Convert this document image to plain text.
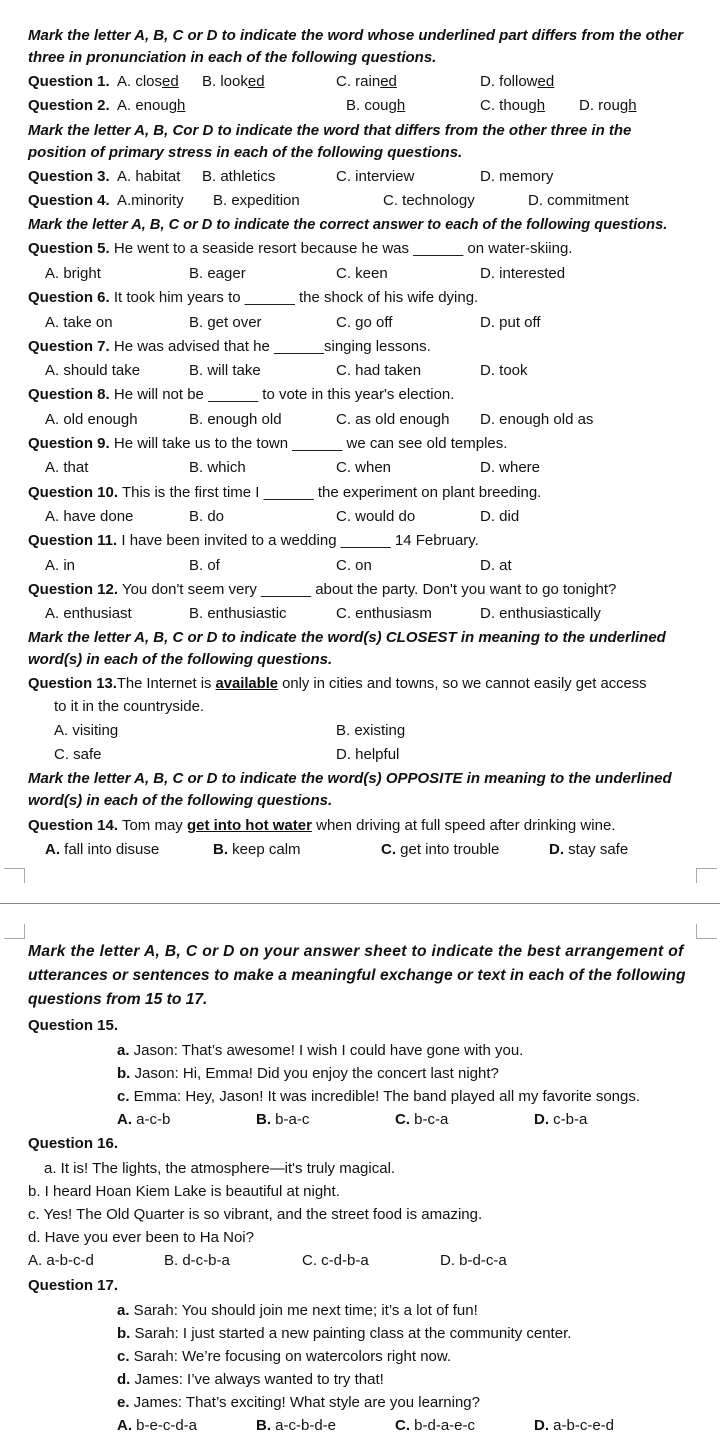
Mark the letter A, B, C or D to indicate the word whose underlined part differs from the other
three in pronunciation in each of the following questions.
Question 1. A. closed B. looked	C. rained	D. followed
Question 2. A. enough	B. cough	C. though D. rough
Mark the letter A, B, Cor D to indicate the word that differs from the other three in the
position of primary stress in each of the following questions.
Question 3. A. habitat B. athletics	C. interview	D. memory
Question 4. A.minority B. expedition	C. technology	D. commitment
Mark the letter A, B, C or D to indicate the correct answer to each of the following questions.
Question 5. He went to a seaside resort because he was ______ on water-skiing.
A. bright	B. eager	C. keen	D. interested
Question 6. It took him years to ______ the shock of his wife dying.
A. take on	B. get over	C. go off	D. put off
Question 7. He was advised that he ______singing lessons.
A. should take	B. will take	C. had taken	D. took
Question 8. He will not be ______ to vote in this year's election.
A. old enough	B. enough old	C. as old enough D. enough old as
Question 9. He will take us to the town ______ we can see old temples.
A. that	B. which	C. when	D. where
Question 10. This is the first time I ______ the experiment on plant breeding.
A. have done	B. do	C. would do	D. did
Question 11. I have been invited to a wedding ______ 14 February.
A. in	B. of	C. on	D. at
Question 12. You don't seem very ______ about the party. Don't you want to go tonight?
A. enthusiast	B. enthusiastic	C. enthusiasm	D. enthusiastically
Mark the letter A, B, C or D to indicate the word(s) CLOSEST in meaning to the underlined
word(s) in each of the following questions.
Question 13.The Internet is available only in cities and towns, so we cannot easily get access
to it in the countryside.
A. visiting	B. existing
C. safe	D. helpful
Mark the letter A, B, C or D to indicate the word(s) OPPOSITE in meaning to the underlined
word(s) in each of the following questions.
Question 14. Tom may get into hot water when driving at full speed after drinking wine.
A. fall into disuse	B. keep calm	C. get into trouble	D. stay safe
Mark the letter A, B, C or D on your answer sheet to indicate the best arrangement of
utterances or sentences to make a meaningful exchange or text in each of the following
questions from 15 to 17.
Question 15.
a. Jason: That’s awesome! I wish I could have gone with you.
b. Jason: Hi, Emma! Did you enjoy the concert last night?
c. Emma: Hey, Jason! It was incredible! The band played all my favorite songs.
A. a-c-b	B. b-a-c	C. b-c-a	D. c-b-a
Question 16.
a. It is! The lights, the atmosphere—it's truly magical.
b. I heard Hoan Kiem Lake is beautiful at night.
c. Yes! The Old Quarter is so vibrant, and the street food is amazing.
d. Have you ever been to Ha Noi?
A. a-b-c-d	B. d-c-b-a	C. c-d-b-a	D. b-d-c-a
Question 17.
a. Sarah: You should join me next time; it’s a lot of fun!
b. Sarah: I just started a new painting class at the community center.
c. Sarah: We’re focusing on watercolors right now.
d. James: I’ve always wanted to try that!
e. James: That’s exciting! What style are you learning?
A. b-e-c-d-a	B. a-c-b-d-e	C. b-d-a-e-c	D. a-b-c-e-d
